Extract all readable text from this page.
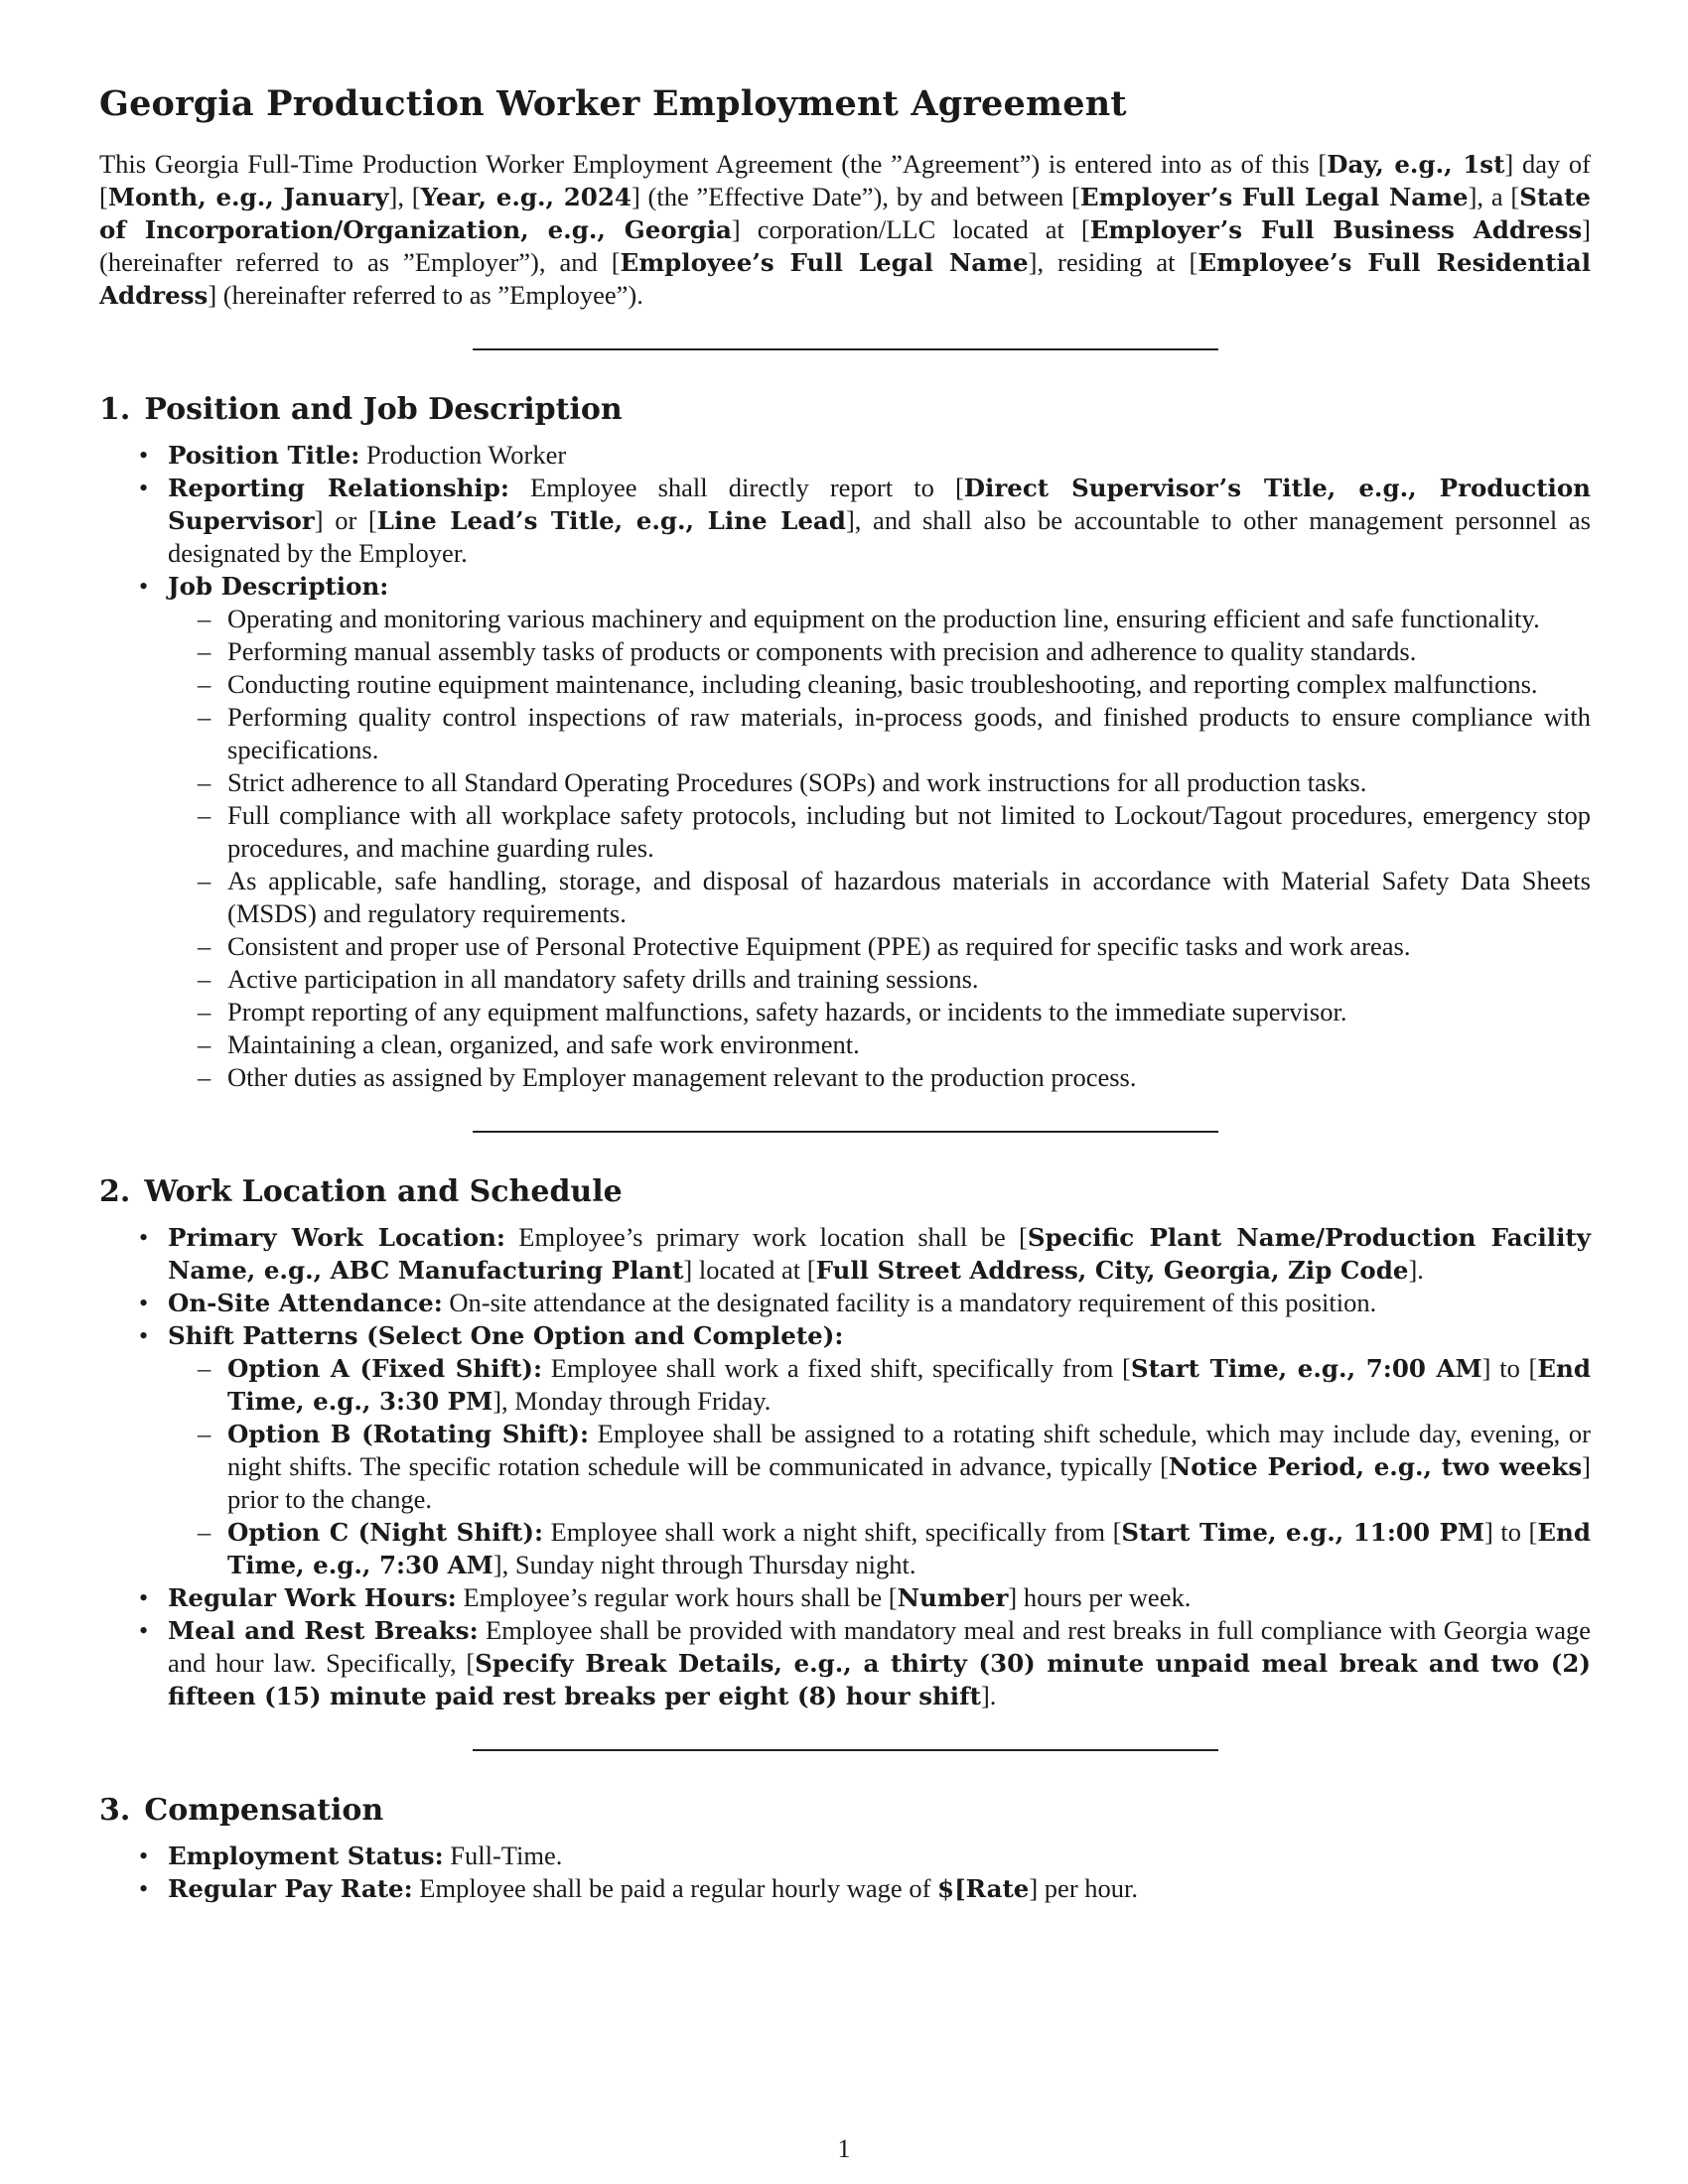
Georgia Production Worker Employment Agreement

This Georgia Full-Time Production Worker Employment Agreement (the ”Agreement”) is entered into as of this [Day, e.g., 1st] day of [Month, e.g., January], [Year, e.g., 2024] (the ”Effective Date”), by and between [Employer’s Full Legal Name], a [State of Incorporation/Organization, e.g., Georgia] corporation/LLC located at [Employer’s Full Business Address] (hereinafter referred to as ”Employer”), and [Employee’s Full Legal Name], residing at [Employee’s Full Residential Address] (hereinafter referred to as ”Employee”).

1. Position and Job Description
• Position Title: Production Worker
• Reporting Relationship: Employee shall directly report to [Direct Supervisor’s Title, e.g., Production Supervisor] or [Line Lead’s Title, e.g., Line Lead], and shall also be accountable to other management personnel as designated by the Employer.
• Job Description:
– Operating and monitoring various machinery and equipment on the production line, ensuring efficient and safe functionality.
– Performing manual assembly tasks of products or components with precision and adherence to quality standards.
– Conducting routine equipment maintenance, including cleaning, basic troubleshooting, and reporting complex malfunctions.
– Performing quality control inspections of raw materials, in-process goods, and finished products to ensure compliance with specifications.
– Strict adherence to all Standard Operating Procedures (SOPs) and work instructions for all production tasks.
– Full compliance with all workplace safety protocols, including but not limited to Lockout/Tagout procedures, emergency stop procedures, and machine guarding rules.
– As applicable, safe handling, storage, and disposal of hazardous materials in accordance with Material Safety Data Sheets (MSDS) and regulatory requirements.
– Consistent and proper use of Personal Protective Equipment (PPE) as required for specific tasks and work areas.
– Active participation in all mandatory safety drills and training sessions.
– Prompt reporting of any equipment malfunctions, safety hazards, or incidents to the immediate supervisor.
– Maintaining a clean, organized, and safe work environment.
– Other duties as assigned by Employer management relevant to the production process.
2. Work Location and Schedule
• Primary Work Location: Employee’s primary work location shall be [Specific Plant Name/Production Facility Name, e.g., ABC Manufacturing Plant] located at [Full Street Address, City, Georgia, Zip Code].
• On-Site Attendance: On-site attendance at the designated facility is a mandatory requirement of this position.
• Shift Patterns (Select One Option and Complete):
– Option A (Fixed Shift): Employee shall work a fixed shift, specifically from [Start Time, e.g., 7:00 AM] to [End Time, e.g., 3:30 PM], Monday through Friday.
– Option B (Rotating Shift): Employee shall be assigned to a rotating shift schedule, which may include day, evening, or night shifts. The specific rotation schedule will be communicated in advance, typically [Notice Period, e.g., two weeks] prior to the change.
– Option C (Night Shift): Employee shall work a night shift, specifically from [Start Time, e.g., 11:00 PM] to [End Time, e.g., 7:30 AM], Sunday night through Thursday night.
• Regular Work Hours: Employee’s regular work hours shall be [Number] hours per week.
• Meal and Rest Breaks: Employee shall be provided with mandatory meal and rest breaks in full compliance with Georgia wage and hour law. Specifically, [Specify Break Details, e.g., a thirty (30) minute unpaid meal break and two (2) fifteen (15) minute paid rest breaks per eight (8) hour shift].
3. Compensation
• Employment Status: Full-Time.
• Regular Pay Rate: Employee shall be paid a regular hourly wage of $[Rate] per hour.
1
